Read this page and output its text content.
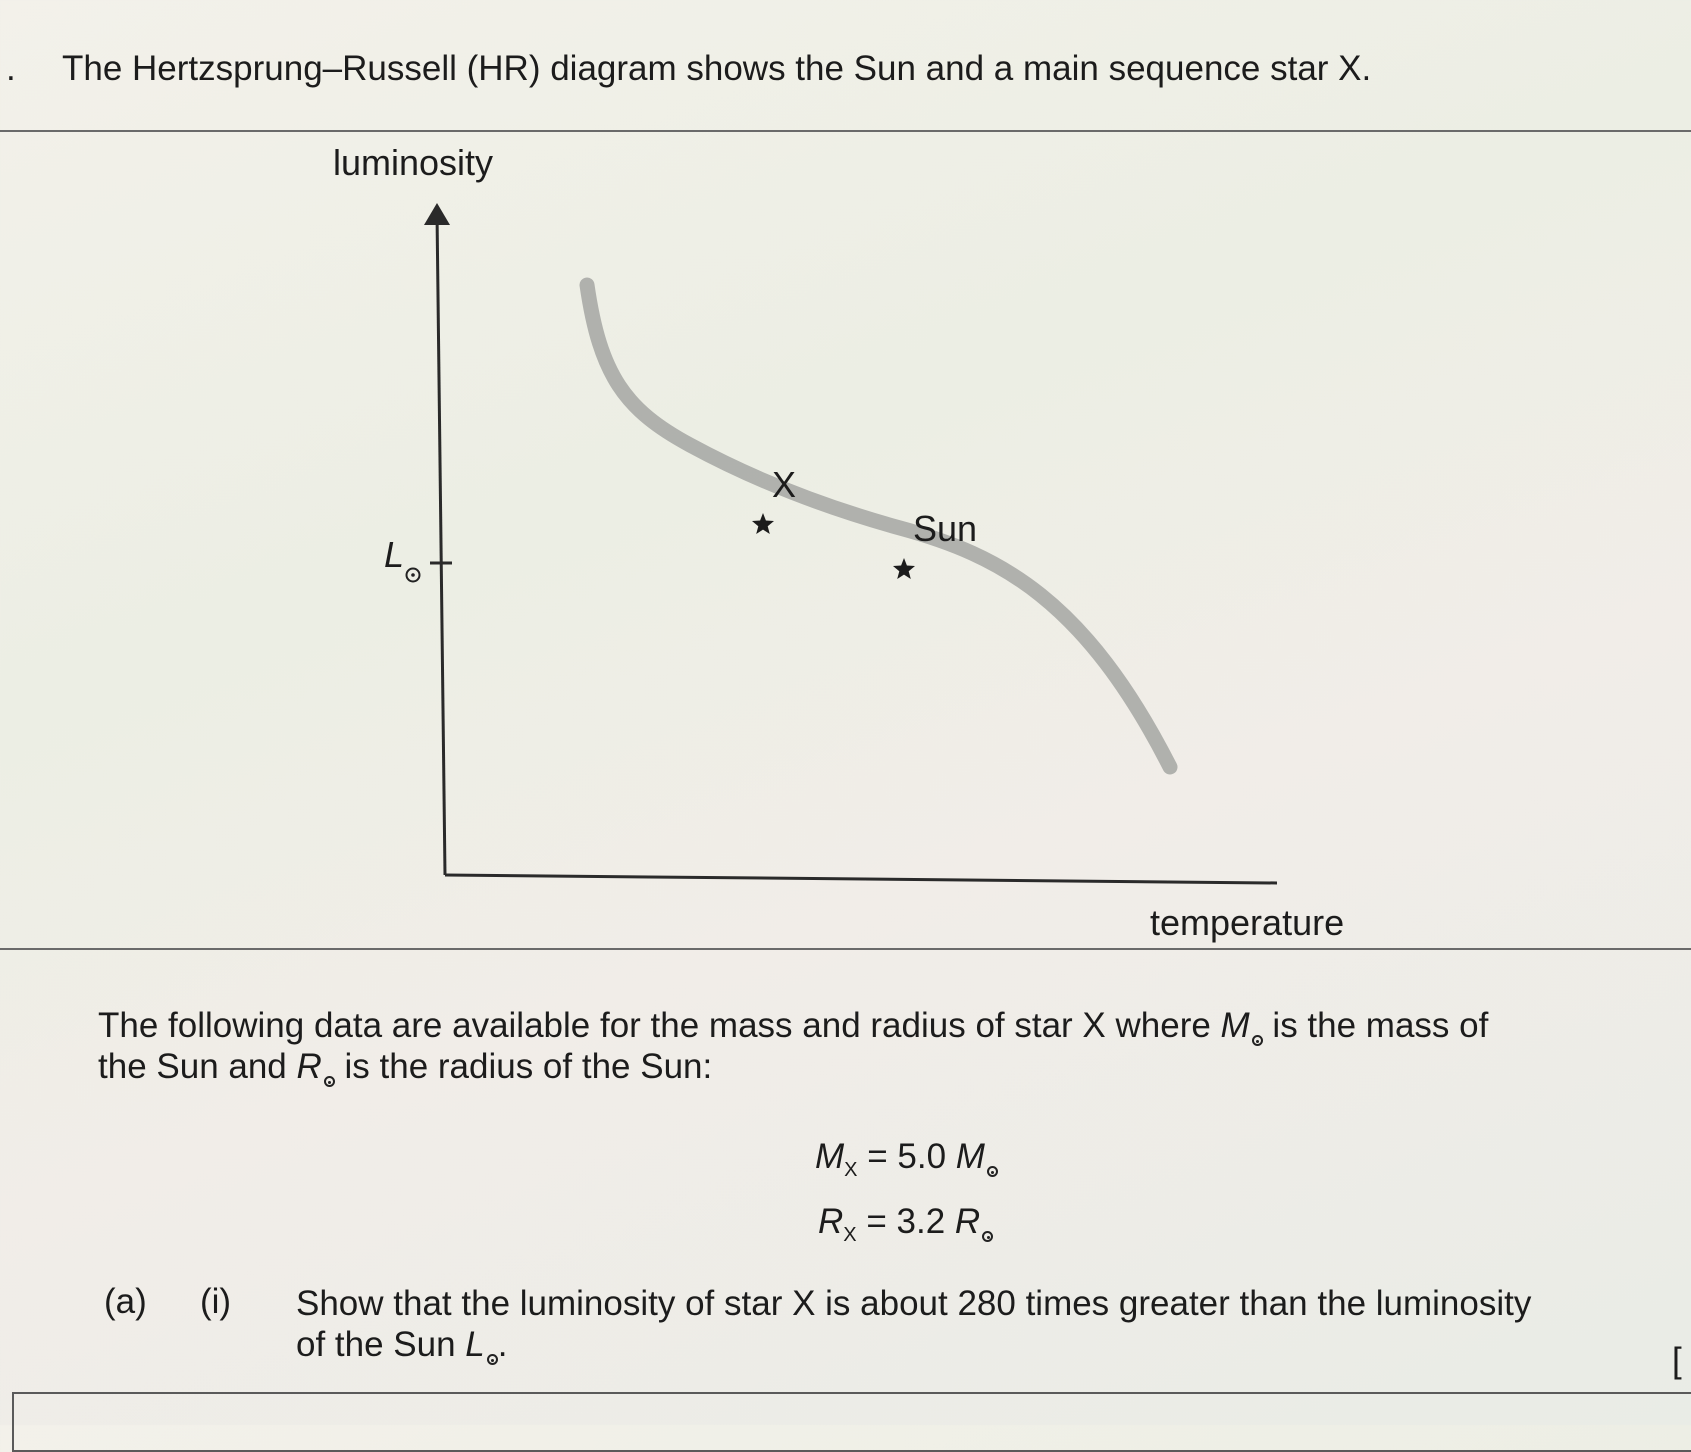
. The Hertzsprung–Russell (HR) diagram shows the Sun and a main sequence star X.
luminosity
L
X
Sun
temperature
The following data are available for the mass and radius of star X where M is the mass of
the Sun and R is the radius of the Sun:
$M_X = 5.0$ M
$R_X = 3.2$ R
(a) (i) Show that the luminosity of star X is about 280 times greater than the luminosity
of the Sun L .	[
